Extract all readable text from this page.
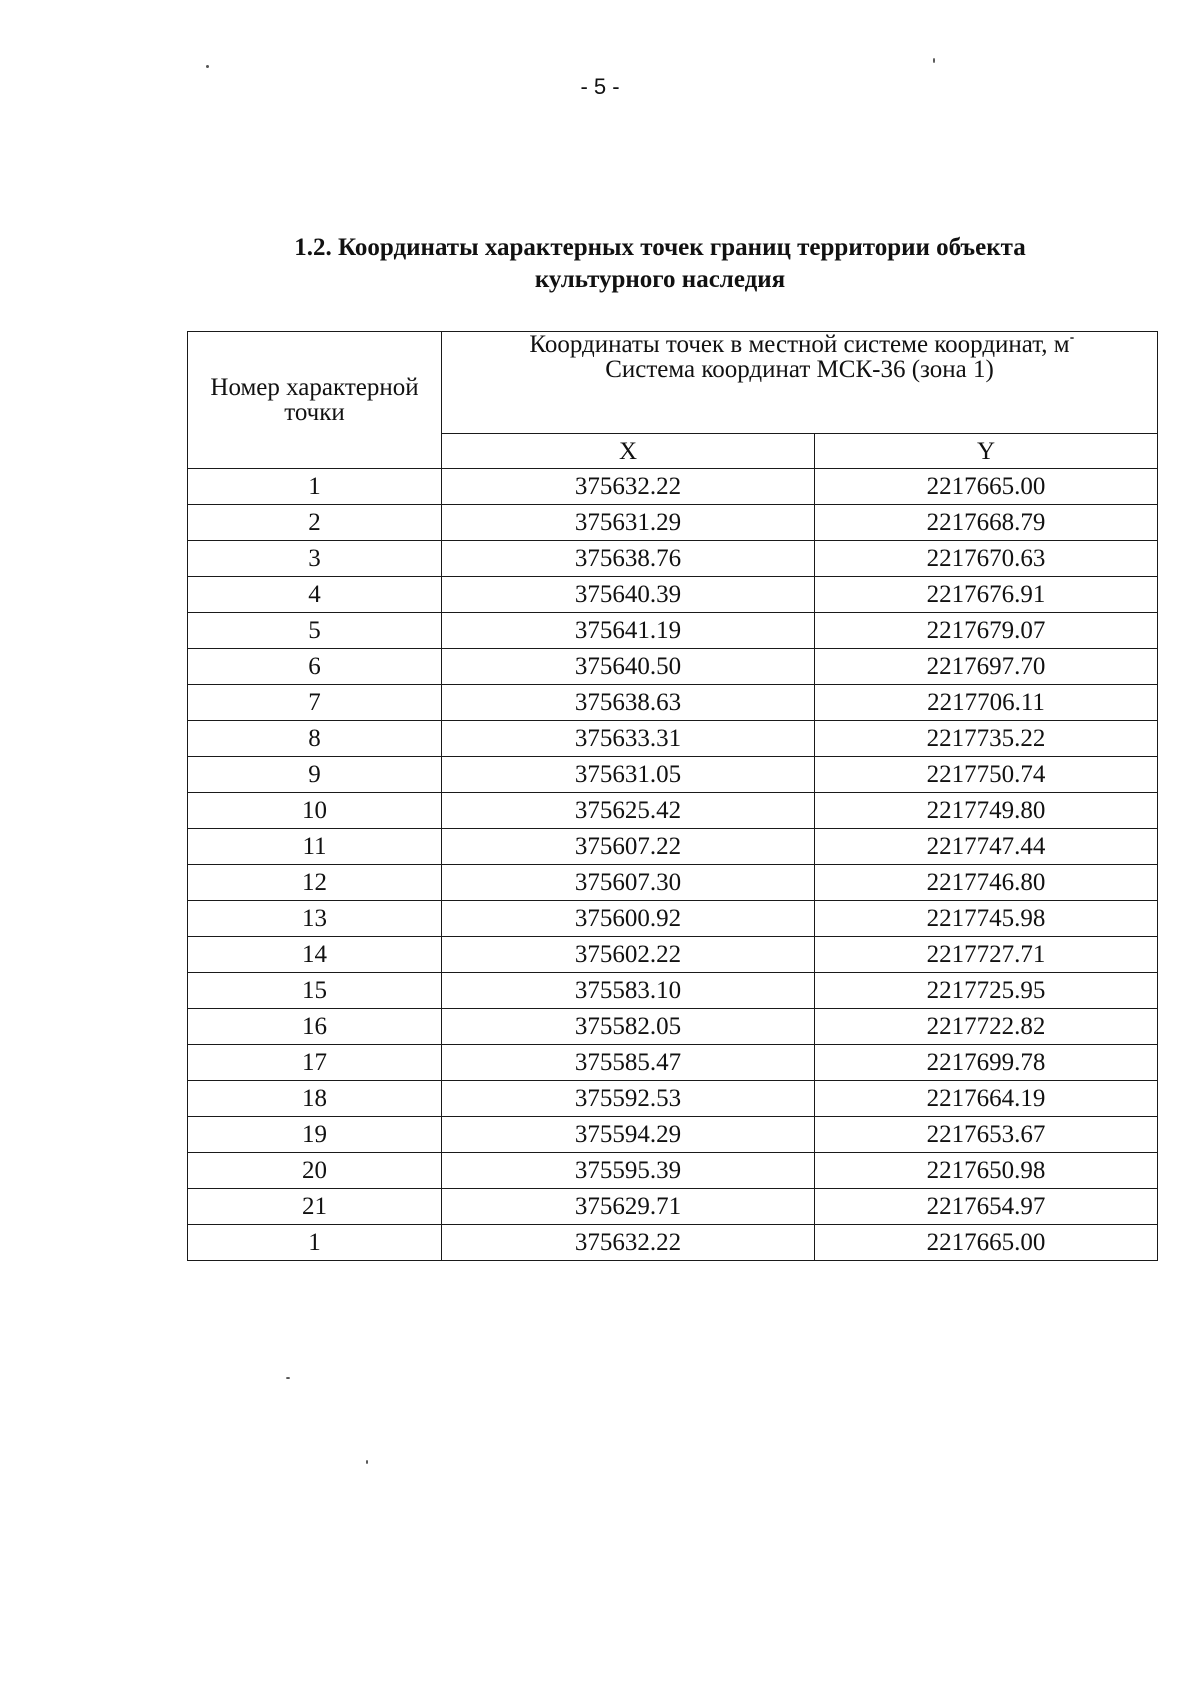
- 5 -
1.2. Координаты характерных точек границ территории объекта
культурного наследия
Номер характерной точки	Координаты точек в местной системе координат, м
Система координат МСК-36 (зона 1)	

	X	Y
1	375632.22	2217665.00
2	375631.29	2217668.79
3	375638.76	2217670.63
4	375640.39	2217676.91
5	375641.19	2217679.07
6	375640.50	2217697.70
7	375638.63	2217706.11
8	375633.31	2217735.22
9	375631.05	2217750.74
10	375625.42	2217749.80
11	375607.22	2217747.44
12	375607.30	2217746.80
13	375600.92	2217745.98
14	375602.22	2217727.71
15	375583.10	2217725.95
16	375582.05	2217722.82
17	375585.47	2217699.78
18	375592.53	2217664.19
19	375594.29	2217653.67
20	375595.39	2217650.98
21	375629.71	2217654.97
1	375632.22	2217665.00
